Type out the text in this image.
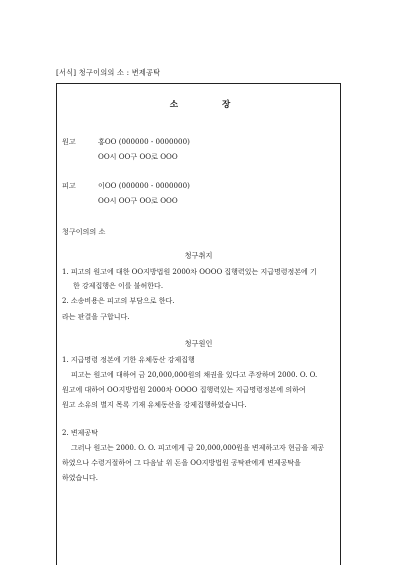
[서식] 청구이의의 소 : 변제공탁
소	장
원고	홍OO (000000 - 0000000)
OO시 OO구 OO로 OOO
피고	이OO (000000 - 0000000)
OO시 OO구 OO로 OOO
청구이의의 소
청구취지
1. 피고의 원고에 대한 OO지방법원 2000차 OOOO 집행력있는 지급명령정본에 기
한 강제집행은 이를 불허한다.
2. 소송비용은 피고의 부담으로 한다.
라는 판결을 구합니다.
청구원인
1. 지급명령 정본에 기한 유체동산 강제집행
피고는 원고에 대하여 금 20,000,000원의 채권을 있다고 주장하며 2000. O. O.
원고에 대하여 OO지방법원 2000차 OOOO 집행력있는 지급명령정본에 의하여
원고 소유의 별지 목록 기재 유체동산을 강제집행하였습니다.
2. 변제공탁
그러나 원고는 2000. O. O. 피고에게 금 20,000,000원을 변제하고자 현금을 제공
하였으나 수령거절하여 그 다음날 위 돈을 OO지방법원 공탁관에게 변제공탁을
하였습니다.
